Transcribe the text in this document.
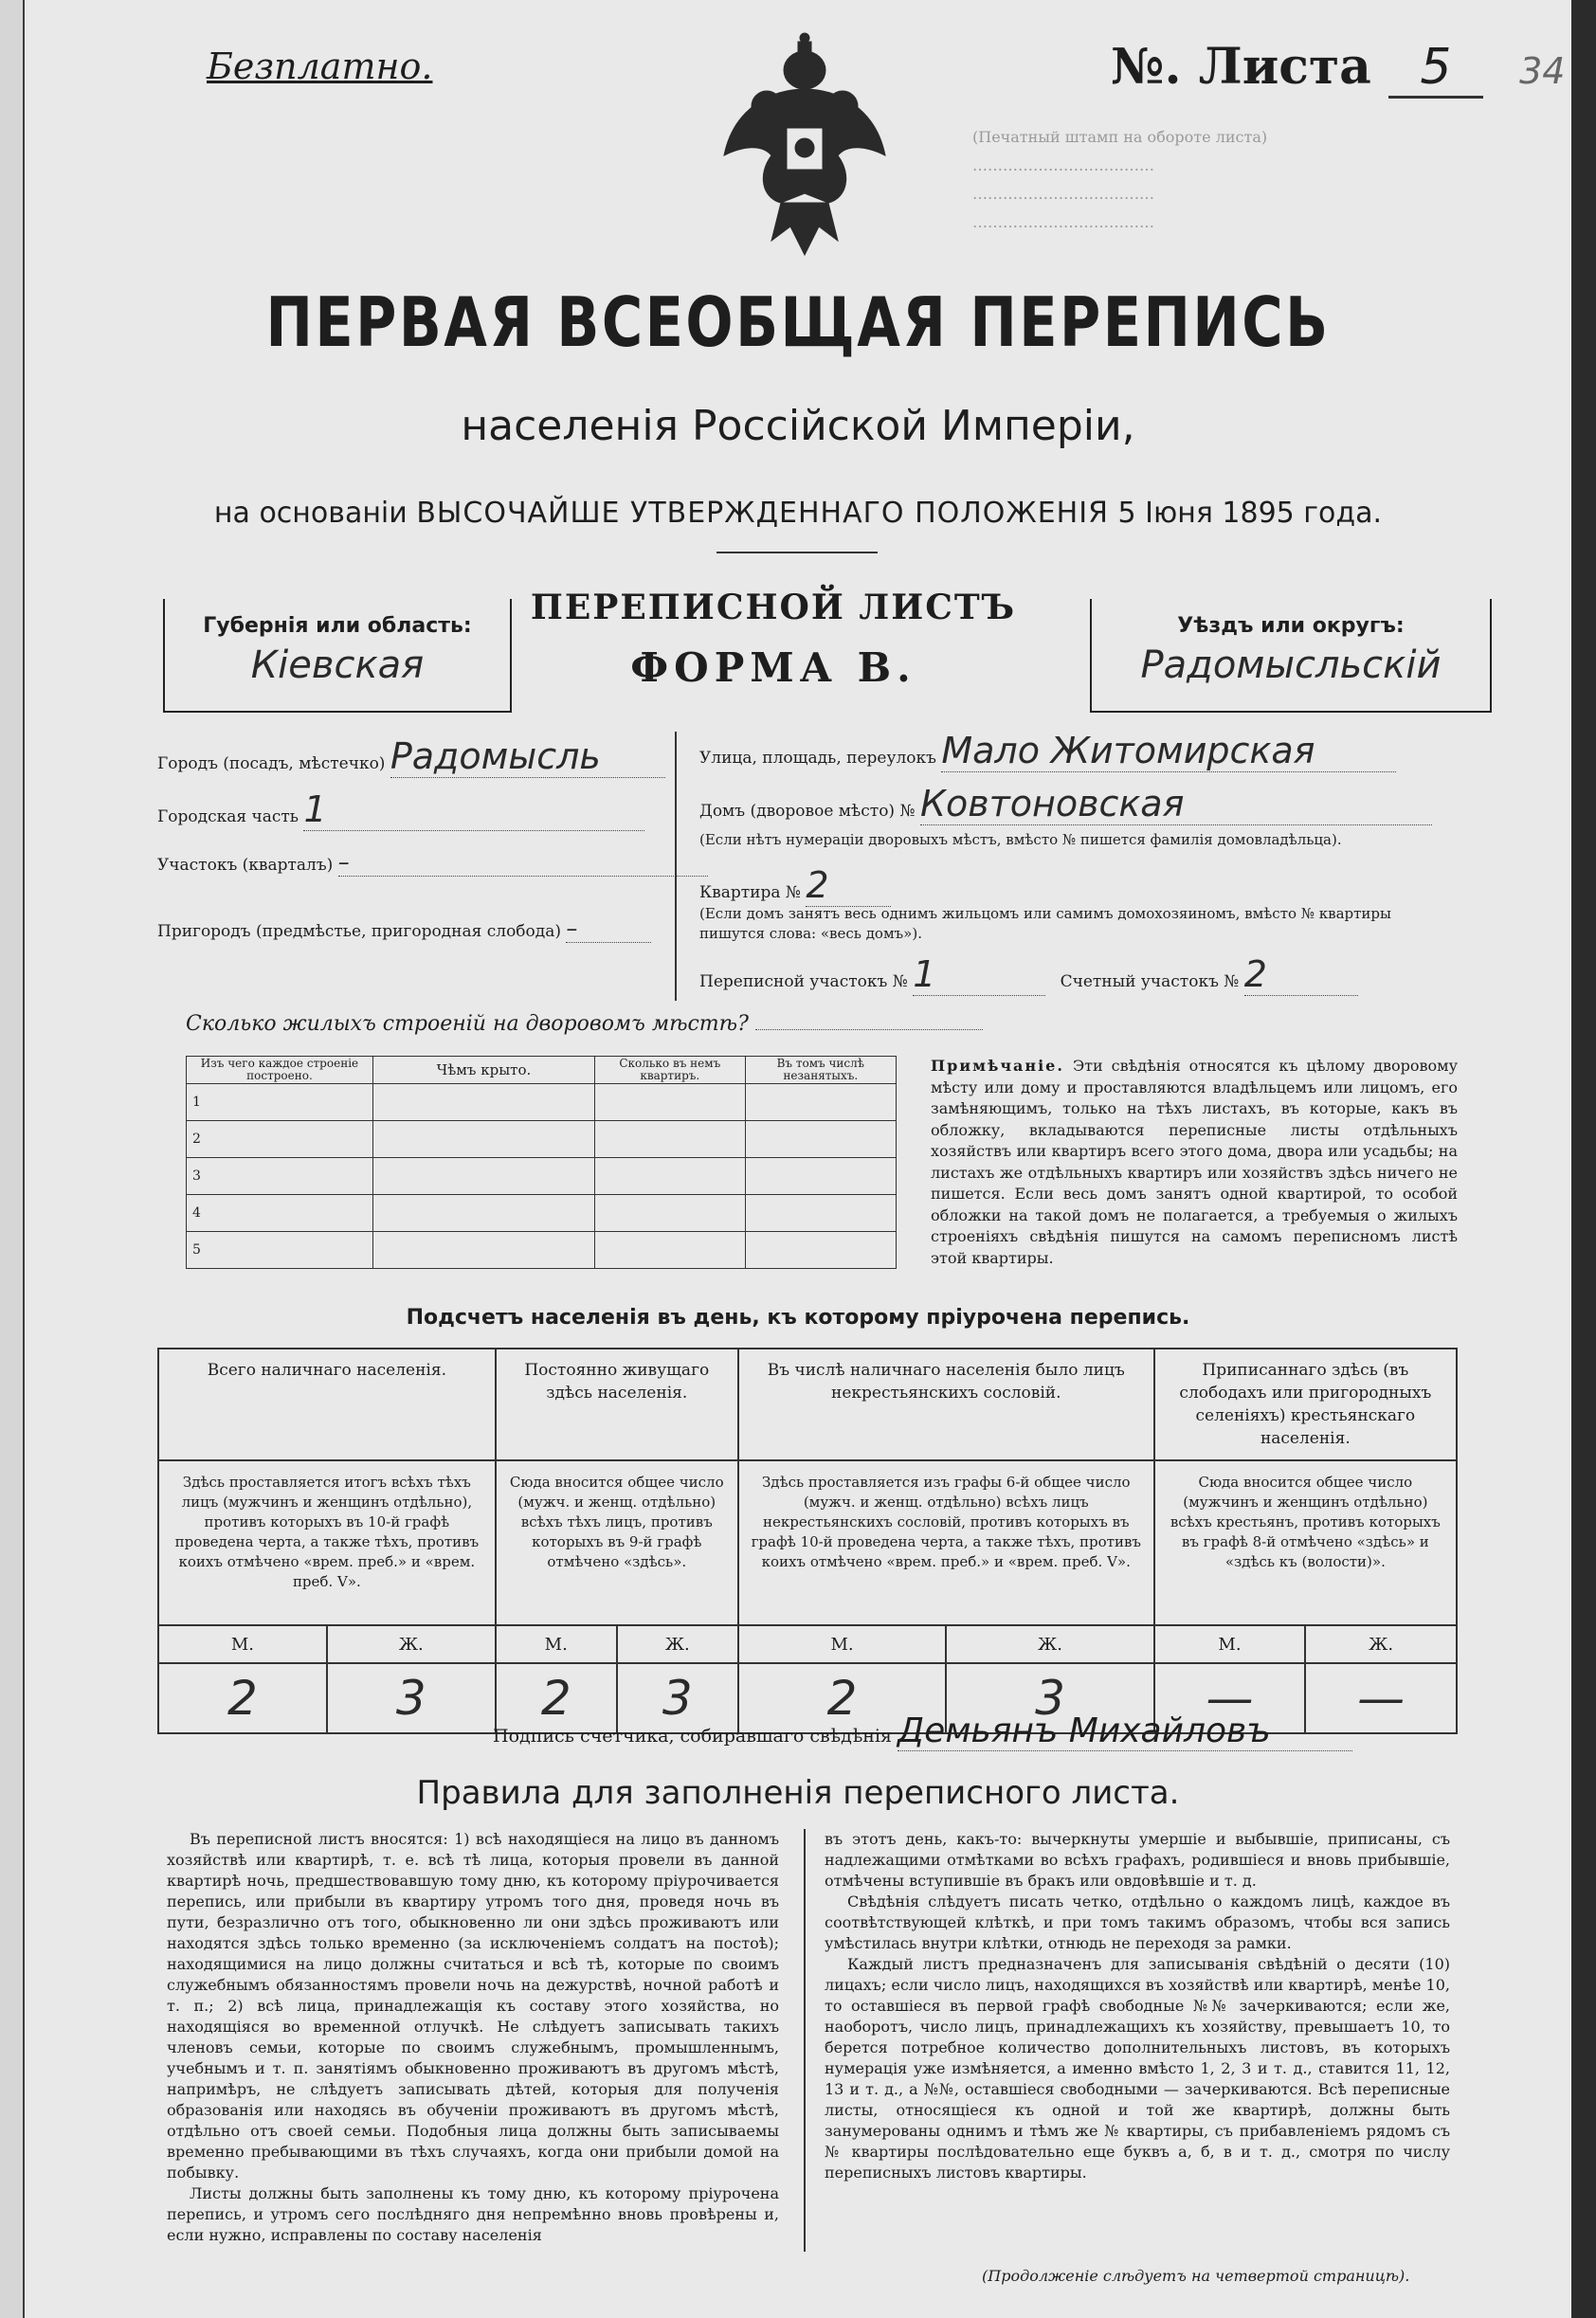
Безплатно.	№. Листа 5 34
(Печатный штамп на обороте листа)
………………………………
………………………………
………………………………
ПЕРВАЯ ВСЕОБЩАЯ ПЕРЕПИСЬ
населенія Россійской Имперіи,
на основаніи ВЫСОЧАЙШЕ УТВЕРЖДЕННАГО ПОЛОЖЕНІЯ 5 Іюня 1895 года.
Губернія или область:
Кiевская
ПЕРЕПИСНОЙ ЛИСТЪ
ФОРМА В.
Уѣздъ или округъ:
Радомысльскiй
Городъ (посадъ, мѣстечко) Радомысль
Городская часть 1
Участокъ (кварталъ) –
Пригородъ (предмѣстье, пригородная слобода) –
Улица, площадь, переулокъ Мало Житомирская
Домъ (дворовое мѣсто) № Ковтоновская
(Если нѣтъ нумераціи дворовыхъ мѣстъ, вмѣсто № пишется фамилія домовладѣльца).
Квартира № 2
(Если домъ занятъ весь однимъ жильцомъ или самимъ домохозяиномъ, вмѣсто № квартиры пишутся слова: «весь домъ»).
Переписной участокъ № 1	Счетный участокъ № 2
Сколько жилыхъ строеній на дворовомъ мѣстѣ?
Изъ чего каждое строеніе построено.	Чѣмъ крыто.	Сколько въ немъ квартиръ.	Въ томъ числѣ незанятыхъ.
1			
2			
3			
4			
5			
Примѣчаніе. Эти свѣдѣнія относятся къ цѣлому дворовому мѣсту или дому и проставляются владѣльцемъ или лицомъ, его замѣняющимъ, только на тѣхъ листахъ, въ которые, какъ въ обложку, вкладываются переписные листы отдѣльныхъ хозяйствъ или квартиръ всего этого дома, двора или усадьбы; на листахъ же отдѣльныхъ квартиръ или хозяйствъ здѣсь ничего не пишется. Если весь домъ занятъ одной квартирой, то особой обложки на такой домъ не полагается, а требуемыя о жилыхъ строеніяхъ свѣдѣнія пишутся на самомъ переписномъ листѣ этой квартиры.
Подсчетъ населенія въ день, къ которому пріурочена перепись.
Всего наличнаго населенія.		Постоянно живущаго здѣсь населенія.		Въ числѣ наличнаго населенія было лицъ некрестьянскихъ сословій.		Приписаннаго здѣсь (въ слободахъ или пригородныхъ селеніяхъ) крестьянскаго населенія.	
Здѣсь проставляется итогъ всѣхъ тѣхъ лицъ (мужчинъ и женщинъ отдѣльно), противъ которыхъ въ 10-й графѣ проведена черта, а также тѣхъ, противъ коихъ отмѣчено «врем. преб.» и «врем. преб. V».		Сюда вносится общее число (мужч. и женщ. отдѣльно) всѣхъ тѣхъ лицъ, противъ которыхъ въ 9-й графѣ отмѣчено «здѣсь».		Здѣсь проставляется изъ графы 6-й общее число (мужч. и женщ. отдѣльно) всѣхъ лицъ некрестьянскихъ сословій, противъ которыхъ въ графѣ 10-й проведена черта, а также тѣхъ, противъ коихъ отмѣчено «врем. преб.» и «врем. преб. V».		Сюда вносится общее число (мужчинъ и женщинъ отдѣльно) всѣхъ крестьянъ, противъ которыхъ въ графѣ 8-й отмѣчено «здѣсь» и «здѣсь къ (волости)».	
М.	Ж.	М.	Ж.	М.	Ж.	М.	Ж.
2	3	2	3	2	3	—	—
Подпись счетчика, собиравшаго свѣдѣнія Демьянъ Михайловъ
Правила для заполненія переписного листа.
Въ переписной листъ вносятся: 1) всѣ находящіеся на лицо въ данномъ хозяйствѣ или квартирѣ, т. е. всѣ тѣ лица, которыя провели въ данной квартирѣ ночь, предшествовавшую тому дню, къ которому пріурочивается перепись, или прибыли въ квартиру утромъ того дня, проведя ночь въ пути, безразлично отъ того, обыкновенно ли они здѣсь проживаютъ или находятся здѣсь только временно (за исключеніемъ солдатъ на постоѣ); находящимися на лицо должны считаться и всѣ тѣ, которые по своимъ служебнымъ обязанностямъ провели ночь на дежурствѣ, ночной работѣ и т. п.; 2) всѣ лица, принадлежащія къ составу этого хозяйства, но находящіяся во временной отлучкѣ. Не слѣдуетъ записывать такихъ членовъ семьи, которые по своимъ служебнымъ, промышленнымъ, учебнымъ и т. п. занятіямъ обыкновенно проживаютъ въ другомъ мѣстѣ, напримѣръ, не слѣдуетъ записывать дѣтей, которыя для полученія образованія или находясь въ обученіи проживаютъ въ другомъ мѣстѣ, отдѣльно отъ своей семьи. Подобныя лица должны быть записываемы временно пребывающими въ тѣхъ случаяхъ, когда они прибыли домой на побывку.
Листы должны быть заполнены къ тому дню, къ которому пріурочена перепись, и утромъ сего послѣдняго дня непремѣнно вновь провѣрены и, если нужно, исправлены по составу населенія
въ этотъ день, какъ-то: вычеркнуты умершіе и выбывшіе, приписаны, съ надлежащими отмѣтками во всѣхъ графахъ, родившіеся и вновь прибывшіе, отмѣчены вступившіе въ бракъ или овдовѣвшіе и т. д.
Свѣдѣнія слѣдуетъ писать четко, отдѣльно о каждомъ лицѣ, каждое въ соотвѣтствующей клѣткѣ, и при томъ такимъ образомъ, чтобы вся запись умѣстилась внутри клѣтки, отнюдь не переходя за рамки.
Каждый листъ предназначенъ для записыванія свѣдѣній о десяти (10) лицахъ; если число лицъ, находящихся въ хозяйствѣ или квартирѣ, менѣе 10, то оставшіеся въ первой графѣ свободные №№ зачеркиваются; если же, наоборотъ, число лицъ, принадлежащихъ къ хозяйству, превышаетъ 10, то берется потребное количество дополнительныхъ листовъ, въ которыхъ нумерація уже измѣняется, а именно вмѣсто 1, 2, 3 и т. д., ставится 11, 12, 13 и т. д., а №№, оставшіеся свободными — зачеркиваются. Всѣ переписные листы, относящіеся къ одной и той же квартирѣ, должны быть занумерованы однимъ и тѣмъ же № квартиры, съ прибавленіемъ рядомъ съ № квартиры послѣдовательно еще буквъ а, б, в и т. д., смотря по числу переписныхъ листовъ квартиры.
(Продолженіе слѣдуетъ на четвертой страницѣ).
